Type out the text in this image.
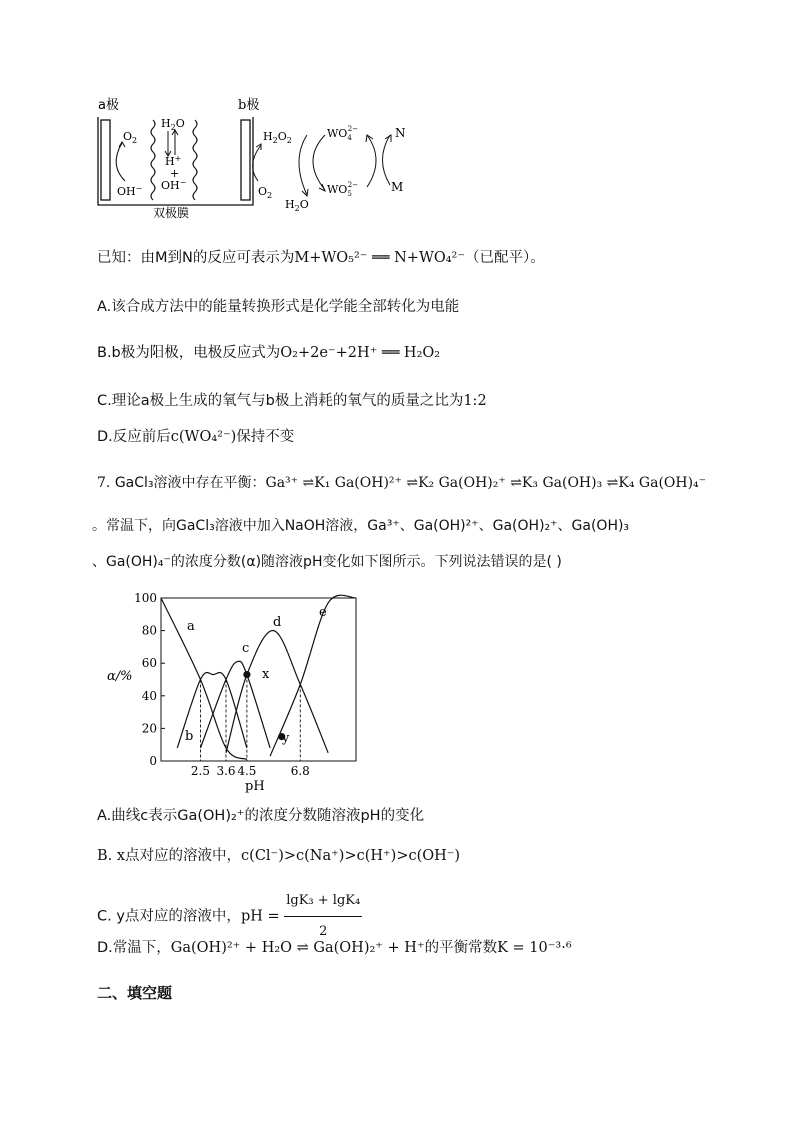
a极	b极
双极膜
$H_2O$
H+
+
OH−
$O_2$
OH−
$H_2O_2$
$O_2$
$H_2O$
$WO_42-$
$WO_52-$
N
M
已知：由M到N的反应可表示为M+WO₅²⁻ ══ N+WO₄²⁻（已配平）。
A.该合成方法中的能量转换形式是化学能全部转化为电能
B.b极为阳极，电极反应式为O₂+2e⁻+2H⁺ ══ H₂O₂
C.理论a极上生成的氧气与b极上消耗的氧气的质量之比为1:2
D.反应前后c(WO₄²⁻)保持不变
7. GaCl₃溶液中存在平衡：Ga³⁺ ⇌K₁ Ga(OH)²⁺ ⇌K₂ Ga(OH)₂⁺ ⇌K₃ Ga(OH)₃ ⇌K₄ Ga(OH)₄⁻
。常温下，向GaCl₃溶液中加入NaOH溶液，Ga³⁺、Ga(OH)²⁺、Ga(OH)₂⁺、Ga(OH)₃
、Ga(OH)₄⁻的浓度分数(α)随溶液pH变化如下图所示。下列说法错误的是( )
0
20
40
60
80
100
2.5 3.6 4.5	6.8
α/%
pH
a
b
c
d
e
x
y
A.曲线c表示Ga(OH)₂⁺的浓度分数随溶液pH的变化
B. x点对应的溶液中，c(Cl⁻)>c(Na⁺)>c(H⁺)>c(OH⁻)
C. y点对应的溶液中，pH = $\frac{\text{lgK₃ + lgK₄}}{2}$
D.常温下，Ga(OH)²⁺ + H₂O ⇌ Ga(OH)₂⁺ + H⁺的平衡常数K = 10⁻³·⁶
二、填空题
